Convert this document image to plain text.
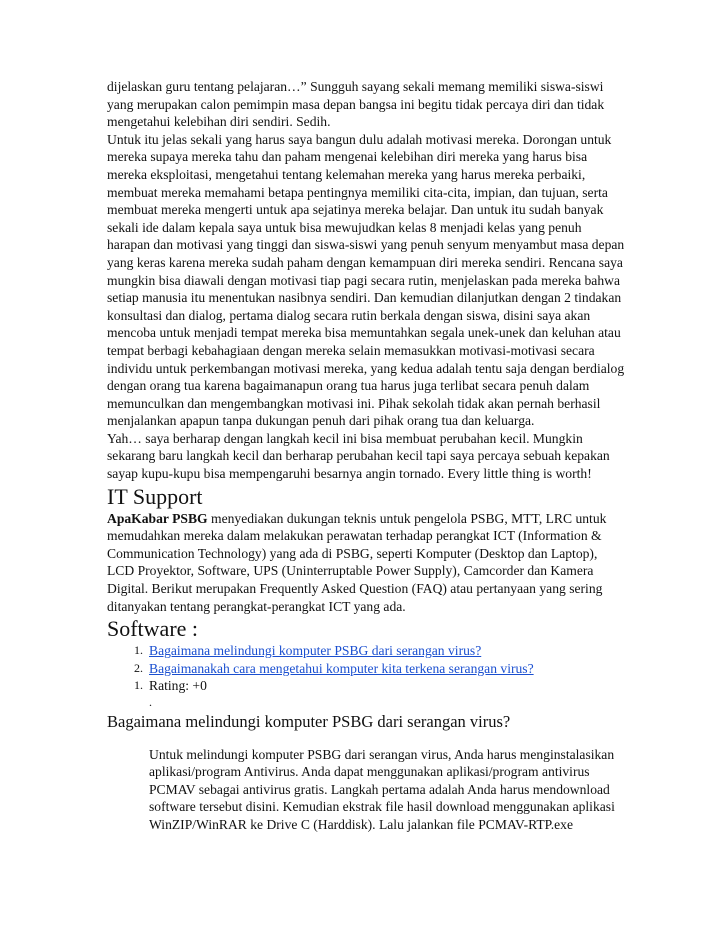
dijelaskan guru tentang pelajaran…” Sungguh sayang sekali memang memiliki siswa-siswi yang merupakan calon pemimpin masa depan bangsa ini begitu tidak percaya diri dan tidak mengetahui kelebihan diri sendiri. Sedih.

Untuk itu jelas sekali yang harus saya bangun dulu adalah motivasi mereka. Dorongan untuk mereka supaya mereka tahu dan paham mengenai kelebihan diri mereka yang harus bisa mereka eksploitasi, mengetahui tentang kelemahan mereka yang harus mereka perbaiki, membuat mereka memahami betapa pentingnya memiliki cita-cita, impian, dan tujuan, serta membuat mereka mengerti untuk apa sejatinya mereka belajar. Dan untuk itu sudah banyak sekali ide dalam kepala saya untuk bisa mewujudkan kelas 8 menjadi kelas yang penuh harapan dan motivasi yang tinggi dan siswa-siswi yang penuh senyum menyambut masa depan yang keras karena mereka sudah paham dengan kemampuan diri mereka sendiri. Rencana saya mungkin bisa diawali dengan motivasi tiap pagi secara rutin, menjelaskan pada mereka bahwa setiap manusia itu menentukan nasibnya sendiri. Dan kemudian dilanjutkan dengan 2 tindakan konsultasi dan dialog, pertama dialog secara rutin berkala dengan siswa, disini saya akan mencoba untuk menjadi tempat mereka bisa memuntahkan segala unek-unek dan keluhan atau tempat berbagi kebahagiaan dengan mereka selain memasukkan motivasi-motivasi secara individu untuk perkembangan motivasi mereka, yang kedua adalah tentu saja dengan berdialog dengan orang tua karena bagaimanapun orang tua harus juga terlibat secara penuh dalam memunculkan dan mengembangkan motivasi ini. Pihak sekolah tidak akan pernah berhasil menjalankan apapun tanpa dukungan penuh dari pihak orang tua dan keluarga.

Yah… saya berharap dengan langkah kecil ini bisa membuat perubahan kecil. Mungkin sekarang baru langkah kecil dan berharap perubahan kecil tapi saya percaya sebuah kepakan sayap kupu-kupu bisa mempengaruhi besarnya angin tornado. Every little thing is worth!

IT Support

ApaKabar PSBG menyediakan dukungan teknis untuk pengelola PSBG, MTT, LRC untuk memudahkan mereka dalam melakukan perawatan terhadap perangkat ICT (Information & Communication Technology) yang ada di PSBG, seperti Komputer (Desktop dan Laptop), LCD Proyektor, Software, UPS (Uninterruptable Power Supply), Camcorder dan Kamera Digital. Berikut merupakan Frequently Asked Question (FAQ) atau pertanyaan yang sering ditanyakan tentang perangkat-perangkat ICT yang ada.

Software :
1. Bagaimana melindungi komputer PSBG dari serangan virus?
2. Bagaimanakah cara mengetahui komputer kita terkena serangan virus?
1. Rating: +0
.
Bagaimana melindungi komputer PSBG dari serangan virus?

Untuk melindungi komputer PSBG dari serangan virus, Anda harus menginstalasikan aplikasi/program Antivirus. Anda dapat menggunakan aplikasi/program antivirus PCMAV sebagai antivirus gratis. Langkah pertama adalah Anda harus mendownload software tersebut disini. Kemudian ekstrak file hasil download menggunakan aplikasi WinZIP/WinRAR ke Drive C (Harddisk). Lalu jalankan file PCMAV-RTP.exe
